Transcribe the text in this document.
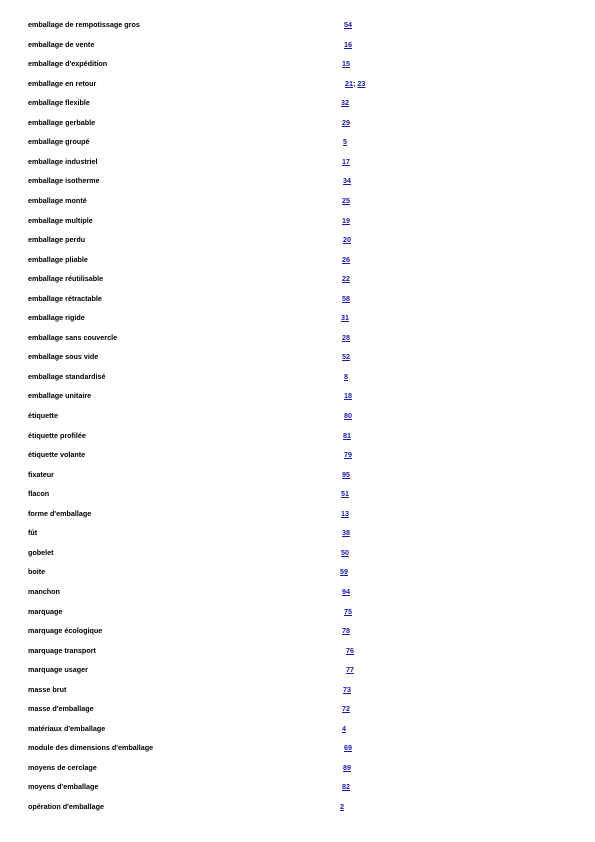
emballage de rempotissage gros	54
emballage de vente	16
emballage d'expédition	15
emballage en retour	21; 23
emballage flexible	32
emballage gerbable	29
emballage groupé	5
emballage industriel	17
emballage isotherme	34
emballage monté	25
emballage multiple	19
emballage perdu	20
emballage pliable	26
emballage réutilisable	22
emballage rétractable	58
emballage rigide	31
emballage sans couvercle	28
emballage sous vide	52
emballage standardisé	8
emballage unitaire	18
étiquette	80
étiquette profilée	81
étiquette volante	79
fixateur	95
flacon	51
forme d'emballage	13
fût	38
gobelet	50
boite	59
manchon	94
marquage	75
marquage écologique	78
marquage transport	76
marquage usager	77
masse brut	73
masse d'emballage	72
matériaux d'emballage	4
module des dimensions d'emballage	69
moyens de cerclage	89
moyens d'emballage	82
opération d'emballage	2
